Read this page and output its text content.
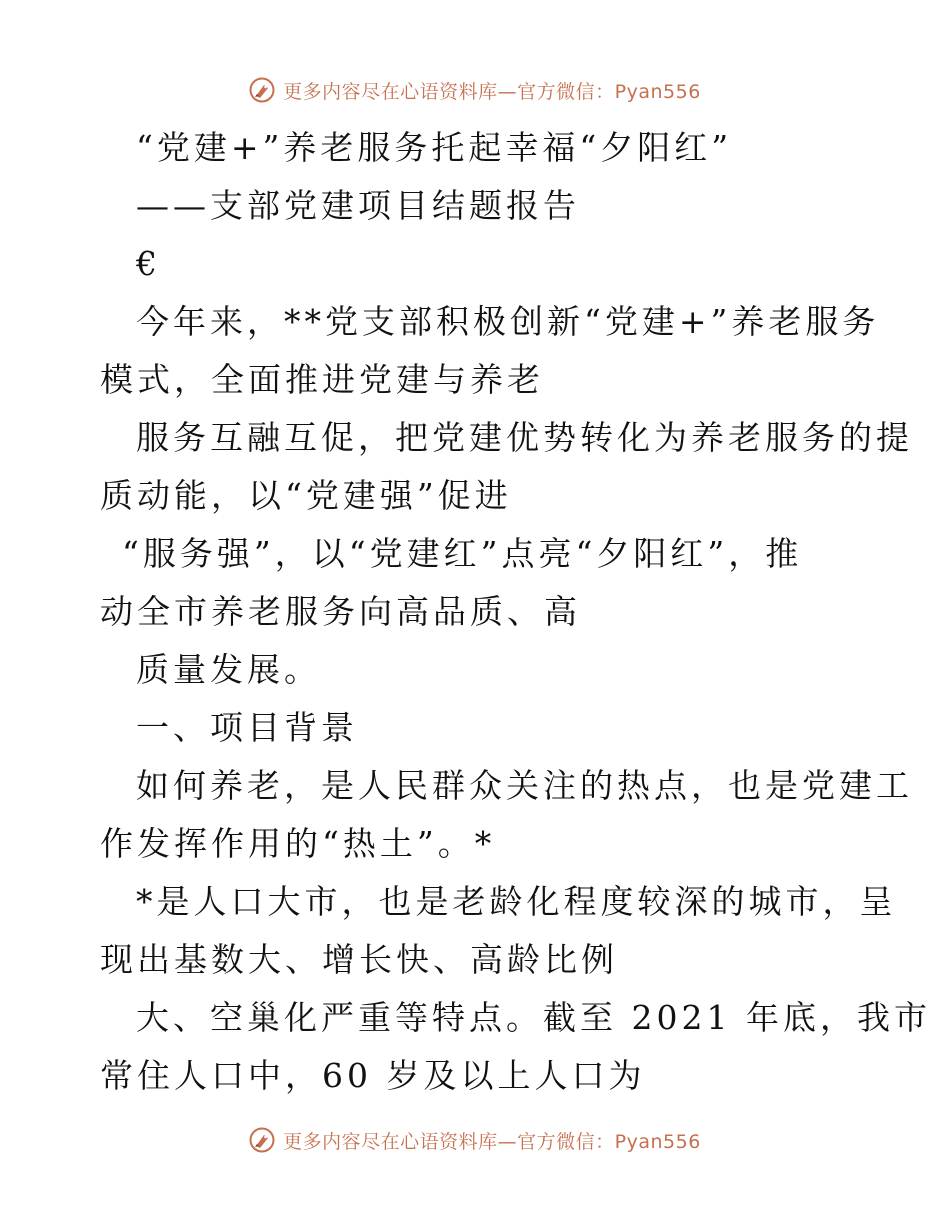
更多内容尽在心语资料库—官方微信：Pyan556
“党建+”养老服务托起幸福“夕阳红”
——支部党建项目结题报告
€
今年来，**党支部积极创新“党建+”养老服务
模式，全面推进党建与养老
服务互融互促，把党建优势转化为养老服务的提
质动能，以“党建强”促进
“服务强”，以“党建红”点亮“夕阳红”，推
动全市养老服务向高品质、高
质量发展。
一、项目背景
如何养老，是人民群众关注的热点，也是党建工
作发挥作用的“热土”。*
*是人口大市，也是老龄化程度较深的城市，呈
现出基数大、增长快、高龄比例
大、空巢化严重等特点。截至 2021 年底，我市
常住人口中，60 岁及以上人口为
更多内容尽在心语资料库—官方微信：Pyan556
